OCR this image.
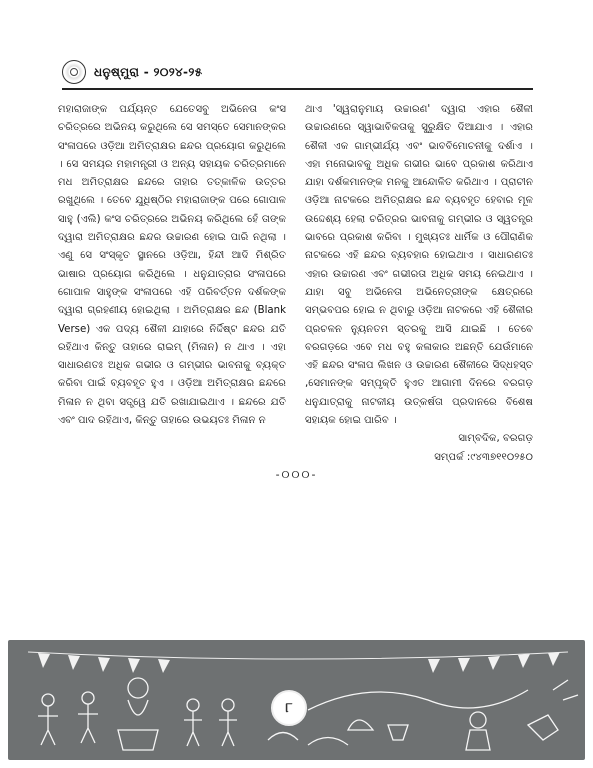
ଧନୁଷ୍ମୁରା - ୨୦୨୪-୨୫

ମହାରାଜାଙ୍କ ପର୍ଯ୍ୟନ୍ତ ଯେତେସବୁ ଅଭିନେତା କଂସ ଚରିତ୍ରରେ ଅଭିନୟ କରୁଥିଲେ ସେ ସମସ୍ତେ ସେମାନଙ୍କର ସଂଳାପରେ ଓଡ଼ିଆ ଅମିତ୍ରାକ୍ଷର ଛନ୍ଦର ପ୍ରୟୋଗ କରୁଥିଲେ । ସେ ସମୟର ମହାମନ୍ତ୍ରୀ ଓ ଅନ୍ୟ ସହାୟକ ଚରିତ୍ରମାନେ ମଧ ଅମିତ୍ରାକ୍ଷର ଛନ୍ଦରେ ତାହାର ତତ୍କାଳିକ ଉତ୍ତର ରଖୁଥିଲେ । ତେବେ ଯୁଧିଷ୍ଠିର ମହାରାଜାଙ୍କ ପରେ ଗୋପାଳ ସାହୁ (ଏଲି) କଂସ ଚରିତ୍ରରେ ଅଭିନୟ କରିଥିଲେ ହେଁ ତାଙ୍କ ଦ୍ୱାରା ଅମିତ୍ରାକ୍ଷର ଛନ୍ଦର ଉଚ୍ଚାରଣ ହୋଇ ପାରି ନଥିଲା । ଏଣୁ ସେ ସଂସ୍କୃତ ସ୍ଥାନରେ ଓଡ଼ିଆ, ହିନ୍ଦୀ ଆଦି ମିଶ୍ରିତ ଭାଷାର ପ୍ରୟୋଗ କରିଥିଲେ । ଧନୁଯାତ୍ରାର ସଂଳାପରେ ଗୋପାଳ ସାହୁଙ୍କ ସଂଳାପରେ ଏହି ପରିବର୍ତ୍ତନ ଦର୍ଶକଙ୍କ ଦ୍ୱାରା ଗ୍ରହଣୀୟ ହୋଇଥିଲା । ଅମିତ୍ରାକ୍ଷର ଛନ୍ଦ (Blank Verse) ଏକ ପଦ୍ୟ ଶୈଳୀ ଯାହାରେ ନିର୍ଦ୍ଦିଷ୍ଟ ଛନ୍ଦର ଯତି ରହିଥାଏ କିନ୍ତୁ ତାହାରେ ରାଇମ୍ (ମିଳାନ) ନ ଥାଏ । ଏହା ସାଧାରଣତଃ ଅଧିକ ଗଭୀର ଓ ଗମ୍ଭୀର ଭାବନାକୁ ବ୍ୟକ୍ତ କରିବା ପାଇଁ ବ୍ୟବହୃତ ହୁଏ । ଓଡ଼ିଆ ଅମିତ୍ରାକ୍ଷର ଛନ୍ଦରେ ମିଳାନ ନ ଥିବା ସତ୍ତ୍ୱେ ଯତି ରଖାଯାଇଥାଏ । ଛନ୍ଦରେ ଯତି ଏବଂ ପାଦ ରହିଥାଏ, କିନ୍ତୁ ତାହାରେ ଉଭୟତଃ ମିଳାନ ନ

ଥାଏ 'ସ୍ୱରାନୁମାୟ ଉଚ୍ଚାରଣ' ଦ୍ୱାରା ଏହାର ଶୈଳୀ ଉଚ୍ଚାରଣରେ ସ୍ୱାଭାବିକତାକୁ ସୁରୁକ୍ଷିତ ଦିଆଯାଏ । ଏହାର ଶୈଳୀ ଏକ ଗାମ୍ଭୀର୍ଯ୍ୟ ଏବଂ ଭାବବିମୋଚନୀକୁ ଦର୍ଶାଏ । ଏହା ମନୋଭାବକୁ ଅଧିକ ଗଭୀର ଭାବେ ପ୍ରକାଶ କରିଥାଏ ଯାହା ଦର୍ଶକମାନଙ୍କ ମନକୁ ଆନ୍ଦୋଳିତ କରିଥାଏ । ପ୍ରାଚୀନ ଓଡ଼ିଆ ନାଟକରେ ଅମିତ୍ରାକ୍ଷର ଛନ୍ଦ ବ୍ୟବହୃତ ହେବାର ମୂଳ ଉଦ୍ଦେଶ୍ୟ ହେଲା ଚରିତ୍ରର ଭାବନାକୁ ଗମ୍ଭୀର ଓ ସ୍ୱତନ୍ତ୍ର ଭାବରେ ପ୍ରକାଶ କରିବା । ମୁଖ୍ୟତଃ ଧାର୍ମିକ ଓ ପୌରାଣିକ ନାଟକରେ ଏହି ଛନ୍ଦର ବ୍ୟବହାର ହୋଇଥାଏ । ସାଧାରଣତଃ ଏହାର ଉଚ୍ଚାରଣ ଏବଂ ଗଭୀରତା ଅଧିକ ସମୟ ନେଇଥାଏ । ଯାହା ସବୁ ଅଭିନେତା ଅଭିନେତ୍ରୀଙ୍କ କ୍ଷେତ୍ରରେ ସମ୍ଭବପର ହୋଇ ନ ଥିବାରୁ ଓଡ଼ିଆ ନାଟକରେ ଏହି ଶୈଳୀର ପ୍ରଚଳନ ନ୍ୟୁନତମ ସ୍ତରକୁ ଆସି ଯାଇଛି । ତେବେ ବରଗଡ଼ରେ ଏବେ ମଧ ବହୁ କଳାକାର ଅଛନ୍ତି ଯେଉଁମାନେ ଏହି ଛନ୍ଦର ସଂଳାପ ଲିଖନ ଓ ଉଚ୍ଚାରଣ ଶୈଳୀରେ ସିଦ୍ଧହସ୍ତ ,ସେମାନଙ୍କ ସମ୍ପୃକ୍ତି ହୁଏତ ଆଗାମୀ ଦିନରେ ବରଗଡ଼ ଧନୁଯାତ୍ରାକୁ ନାଟକୀୟ ଉତ୍କର୍ଷତା ପ୍ରଦାନରେ ବିଶେଷ ସହାୟକ ହୋଇ ପାରିବ ।

ସାମ୍ବଦିକ, ବରଗଡ଼

ସମ୍ପର୍କ :୯୪୩୭୧୧୦୨୫୦

-୦୦୦-
୮
